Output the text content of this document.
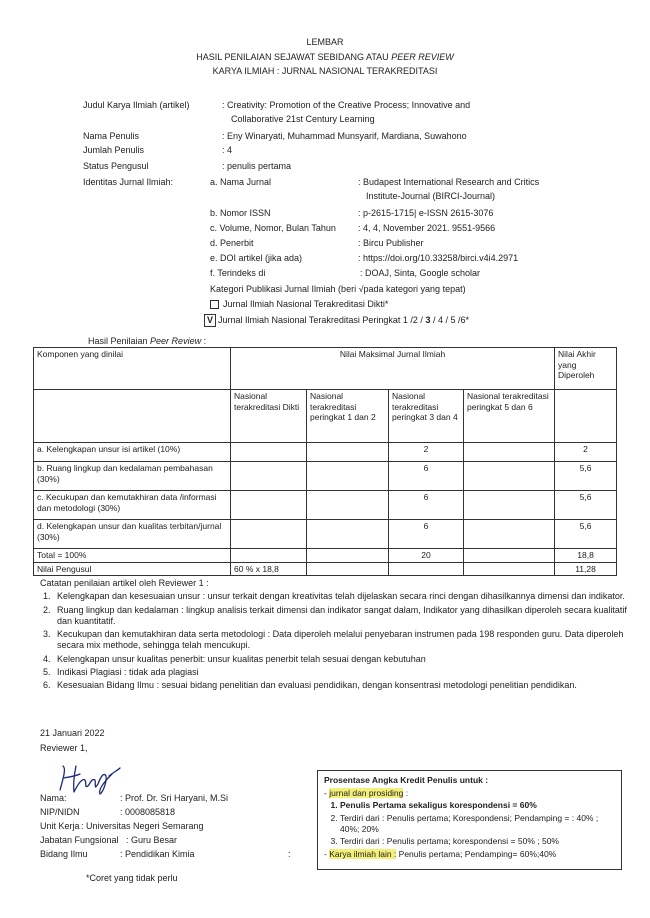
LEMBAR
HASIL PENILAIAN SEJAWAT SEBIDANG ATAU PEER REVIEW
KARYA ILMIAH : JURNAL NASIONAL TERAKREDITASI
Judul Karya Ilmiah (artikel)	: Creativity: Promotion of the Creative Process; Innovative and
Collaborative 21st Century Learning
Nama Penulis	: Eny Winaryati, Muhammad Munsyarif, Mardiana, Suwahono
Jumlah Penulis	: 4
Status Pengusul	: penulis pertama
Identitas Jurnal Ilmiah:	a. Nama Jurnal	: Budapest International Research and Critics
Institute-Journal (BIRCI-Journal)
b. Nomor ISSN	: p-2615-1715| e-ISSN 2615-3076
c. Volume, Nomor, Bulan Tahun : 4, 4, November 2021. 9551-9566
d. Penerbit	: Bircu Publisher
e. DOI artikel (jika ada)	: https://doi.org/10.33258/birci.v4i4.2971
f. Terindeks di	: DOAJ, Sinta, Google scholar
Kategori Publikasi Jurnal Ilmiah (beri √pada kategori yang tepat)
Jurnal Ilmiah Nasional Terakreditasi Dikti*
V Jurnal Ilmiah Nasional Terakreditasi Peringkat 1 /2 / 3 / 4 / 5 /6*
Hasil Penilaian Peer Review :
Komponen yang dinilai	Nilai Maksimal Jurnal Ilmiah				Nilai Akhir yang Diperoleh
	Nasional terakreditasi Dikti	Nasional terakreditasi peringkat 1 dan 2	Nasional terakreditasi peringkat 3 dan 4	Nasional terakreditasi peringkat 5 dan 6	
a. Kelengkapan unsur isi artikel (10%)			2		2
b. Ruang lingkup dan kedalaman pembahasan (30%)			6		5,6
c. Kecukupan dan kemutakhiran data /informasi dan metodologi (30%)			6		5,6
d. Kelengkapan unsur dan kualitas terbitan/jurnal (30%)			6		5,6
Total = 100%			20		18,8
Nilai Pengusul	60 % x 18,8				11,28
Catatan penilaian artikel oleh Reviewer 1 :
1. Kelengkapan dan kesesuaian unsur : unsur terkait dengan kreativitas telah dijelaskan secara rinci dengan dihasilkannya dimensi dan indikator.
2. Ruang lingkup dan kedalaman : lingkup analisis terkait dimensi dan indikator sangat dalam, Indikator yang dihasilkan diperoleh secara kualitatif dan kuantitatif.
3. Kecukupan dan kemutakhiran data serta metodologi : Data diperoleh melalui penyebaran instrumen pada 198 responden guru. Data diperoleh secara mix methode, sehingga telah mencukupi.
4. Kelengkapan unsur kualitas penerbit: unsur kualitas penerbit telah sesuai dengan kebutuhan
5. Indikasi Plagiasi : tidak ada plagiasi
6. Kesesuaian Bidang Ilmu : sesuai bidang penelitian dan evaluasi pendidikan, dengan konsentrasi metodologi penelitian pendidikan.
21 Januari 2022
Reviewer 1,
Nama:	: Prof. Dr. Sri Haryani, M.Si
NIP/NIDN	: 0008085818
Unit Kerja : Universitas Negeri Semarang
Jabatan Fungsional : Guru Besar
Bidang Ilmu	: Pendidikan Kimia	:
*Coret yang tidak perlu
Prosentase Angka Kredit Penulis untuk :
- jurnal dan prosiding :
1. Penulis Pertama sekaligus korespondensi = 60%
2. Terdiri dari : Penulis pertama; Korespondensi; Pendamping = : 40% ; 40%; 20%
3. Terdiri dari : Penulis pertama; korespondensi = 50% ; 50%
- Karya ilmiah lain : Penulis pertama; Pendamping= 60%;40%
